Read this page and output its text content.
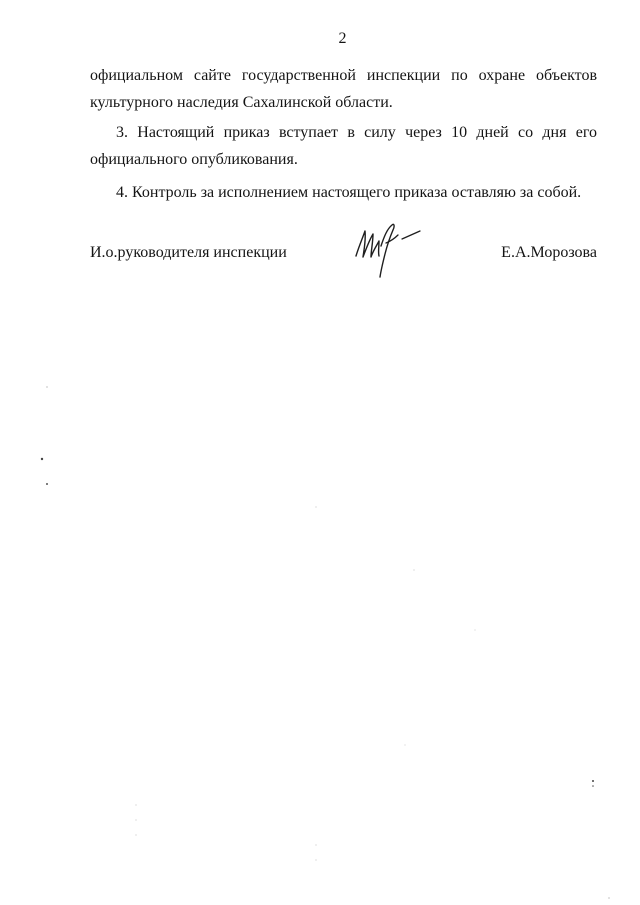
2

официальном сайте государственной инспекции по охране объектов культурного наследия Сахалинской области.

3. Настоящий приказ вступает в силу через 10 дней со дня его официального опубликования.

4. Контроль за исполнением настоящего приказа оставляю за собой.

И.о.руководителя инспекции	Е.А.Морозова
